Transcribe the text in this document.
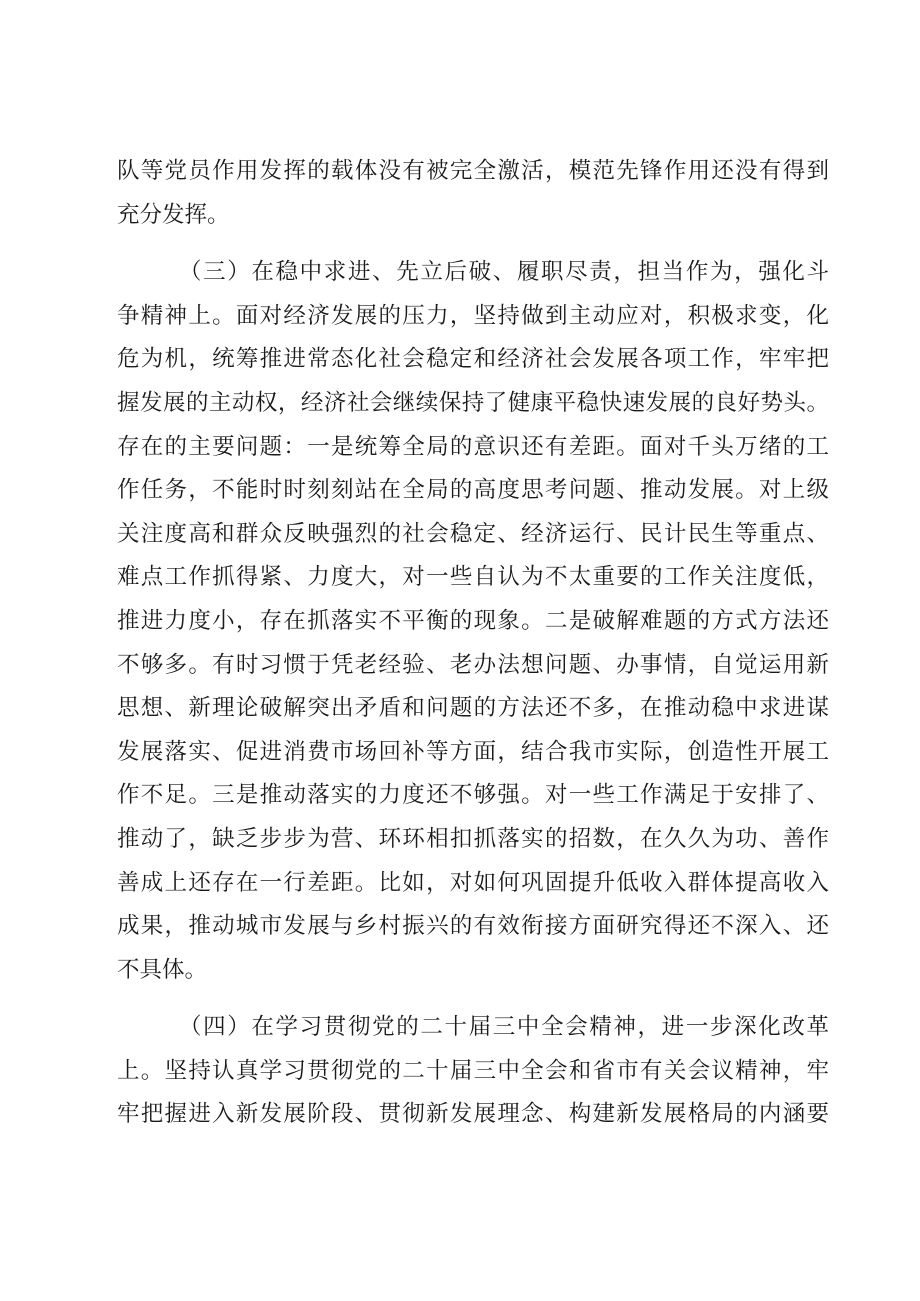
队等党员作用发挥的载体没有被完全激活，模范先锋作用还没有得到
充分发挥。
（三）在稳中求进、先立后破、履职尽责，担当作为，强化斗
争精神上。面对经济发展的压力，坚持做到主动应对，积极求变，化
危为机，统筹推进常态化社会稳定和经济社会发展各项工作，牢牢把
握发展的主动权，经济社会继续保持了健康平稳快速发展的良好势头。
存在的主要问题：一是统筹全局的意识还有差距。面对千头万绪的工
作任务，不能时时刻刻站在全局的高度思考问题、推动发展。对上级
关注度高和群众反映强烈的社会稳定、经济运行、民计民生等重点、
难点工作抓得紧、力度大，对一些自认为不太重要的工作关注度低，
推进力度小，存在抓落实不平衡的现象。二是破解难题的方式方法还
不够多。有时习惯于凭老经验、老办法想问题、办事情，自觉运用新
思想、新理论破解突出矛盾和问题的方法还不多，在推动稳中求进谋
发展落实、促进消费市场回补等方面，结合我市实际，创造性开展工
作不足。三是推动落实的力度还不够强。对一些工作满足于安排了、
推动了，缺乏步步为营、环环相扣抓落实的招数，在久久为功、善作
善成上还存在一行差距。比如，对如何巩固提升低收入群体提高收入
成果，推动城市发展与乡村振兴的有效衔接方面研究得还不深入、还
不具体。
（四）在学习贯彻党的二十届三中全会精神，进一步深化改革
上。坚持认真学习贯彻党的二十届三中全会和省市有关会议精神，牢
牢把握进入新发展阶段、贯彻新发展理念、构建新发展格局的内涵要
